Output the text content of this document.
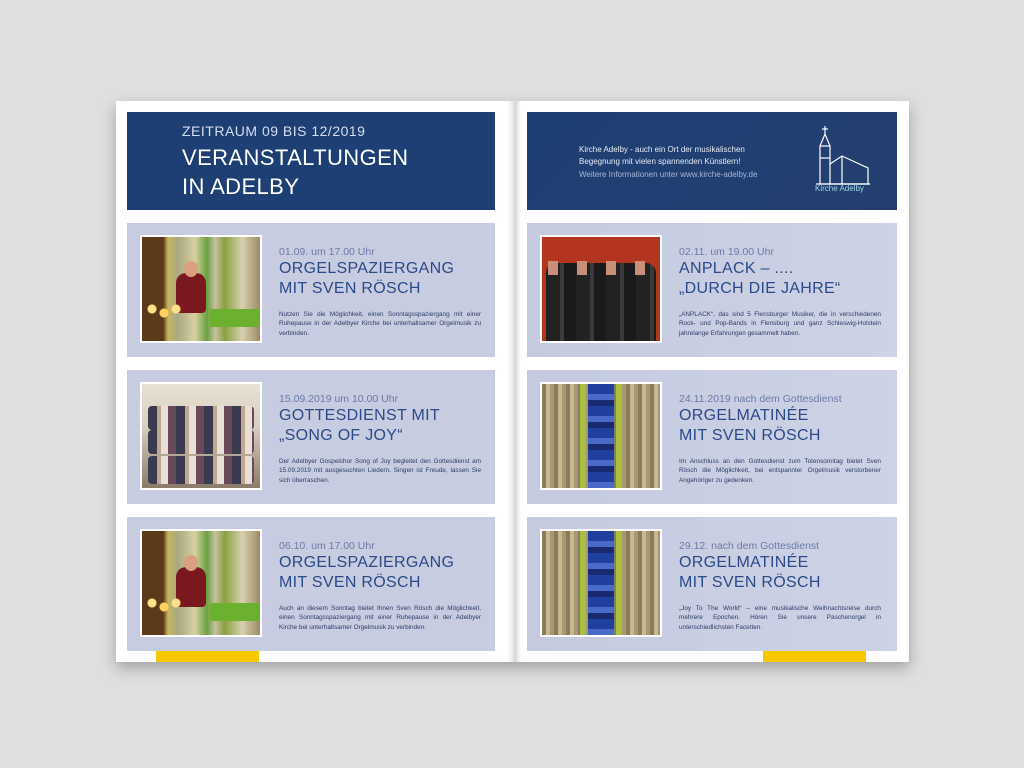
ZEITRAUM 09 BIS 12/2019
VERANSTALTUNGEN
IN ADELBY
01.09. um 17.00 Uhr
ORGELSPAZIERGANG
MIT SVEN RÖSCH
Nutzen Sie die Möglichkeit, einen Sonntagsspaziergang mit einer Ruhepause in der Adelbyer Kirche bei unterhaltsamer Orgelmusik zu verbinden.
15.09.2019 um 10.00 Uhr
GOTTESDIENST MIT
„SONG OF JOY“
Der Adelbyer Gospelchor Song of Joy begleitet den Gottesdienst am 15.09.2019 mit ausgesuchten Liedern. Singen ist Freude, lassen Sie sich überraschen.
06.10. um 17.00 Uhr
ORGELSPAZIERGANG
MIT SVEN RÖSCH
Auch an diesem Sonntag bietet Ihnen Sven Rösch die Möglichkeit, einen Sonntagsspaziergang mit einer Ruhepause in der Adelbyer Kirche bei unterhaltsamer Orgelmusik zu verbinden.
Kirche Adelby - auch ein Ort der musikalischen
Begegnung mit vielen spannenden Künstlern!
Weitere Informationen unter www.kirche-adelby.de
Kirche Adelby
02.11. um 19.00 Uhr
ANPLACK – ....
„DURCH DIE JAHRE“
„ANPLACK“, das sind 5 Flensburger Musiker, die in verschiedenen Rock- und Pop-Bands in Flensburg und ganz Schleswig-Holstein jahrelange Erfahrungen gesammelt haben.
24.11.2019 nach dem Gottesdienst
ORGELMATINÉE
MIT SVEN RÖSCH
Im Anschluss an den Gottesdienst zum Totensonntag bietet Sven Rösch die Möglichkeit, bei entspannter Orgelmusik verstorbener Angehöriger zu gedenken.
29.12. nach dem Gottesdienst
ORGELMATINÉE
MIT SVEN RÖSCH
„Joy To The World“ – eine musikalische Weihnachtsreise durch mehrere Epochen. Hören Sie unsere Paschenorgel in unterschiedlichsten Facetten.
